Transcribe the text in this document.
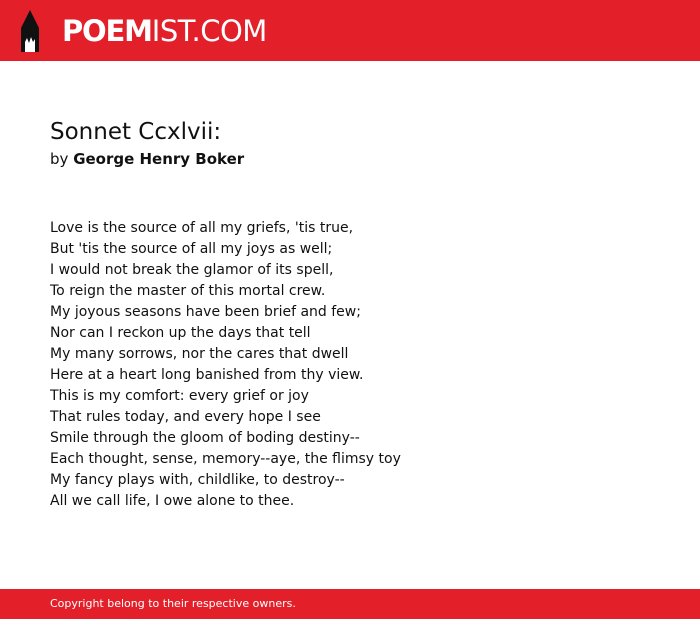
POEMIST.COM
Sonnet Ccxlvii:
by George Henry Boker
Love is the source of all my griefs, 'tis true,
But 'tis the source of all my joys as well;
I would not break the glamor of its spell,
To reign the master of this mortal crew.
My joyous seasons have been brief and few;
Nor can I reckon up the days that tell
My many sorrows, nor the cares that dwell
Here at a heart long banished from thy view.
This is my comfort: every grief or joy
That rules today, and every hope I see
Smile through the gloom of boding destiny--
Each thought, sense, memory--aye, the flimsy toy
My fancy plays with, childlike, to destroy--
All we call life, I owe alone to thee.
Copyright belong to their respective owners.
